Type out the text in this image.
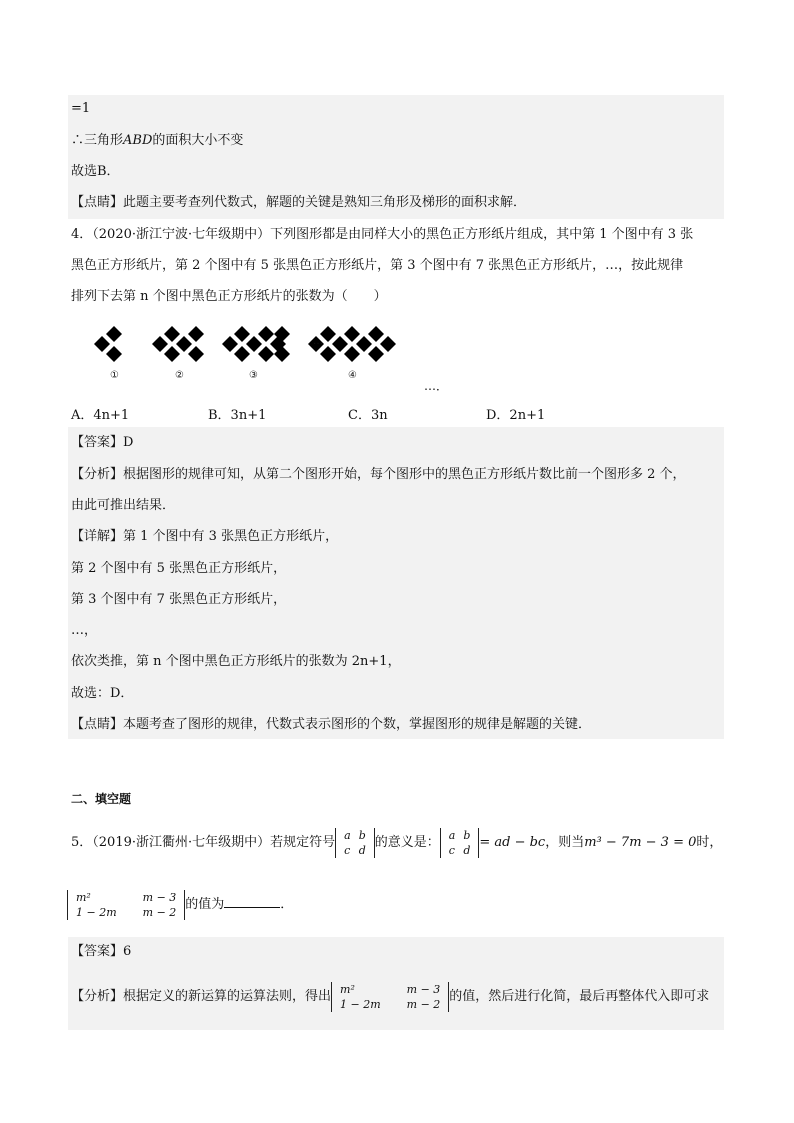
=1
∴三角形ABD的面积大小不变
故选B．
【点睛】此题主要考查列代数式，解题的关键是熟知三角形及梯形的面积求解．
4．（2020·浙江宁波·七年级期中）下列图形都是由同样大小的黑色正方形纸片组成，其中第 1 个图中有 3 张
黑色正方形纸片，第 2 个图中有 5 张黑色正方形纸片，第 3 个图中有 7 张黑色正方形纸片，…，按此规律
排列下去第 n 个图中黑色正方形纸片的张数为（　　）
…
①	②	③	④
…．
A．4n+1	B．3n+1	C．3n	D．2n+1
【答案】D
【分析】根据图形的规律可知，从第二个图形开始，每个图形中的黑色正方形纸片数比前一个图形多 2 个，
由此可推出结果．
【详解】第 1 个图中有 3 张黑色正方形纸片，
第 2 个图中有 5 张黑色正方形纸片，
第 3 个图中有 7 张黑色正方形纸片，
…，
依次类推，第 n 个图中黑色正方形纸片的张数为 2n+1，
故选：D．
【点睛】本题考查了图形的规律，代数式表示图形的个数，掌握图形的规律是解题的关键．
二、填空题
5．（2019·浙江衢州·七年级期中）若规定符号 a	b
c	d 的意义是： a	b
c	d = ad − bc，则当m³ − 7m − 3 = 0时，
m²	m − 3
1 − 2m	m − 2 的值为	．
【答案】6
【分析】根据定义的新运算的运算法则，得出 m²	m − 3
1 − 2m	m − 2 的值，然后进行化简，最后再整体代入即可求
